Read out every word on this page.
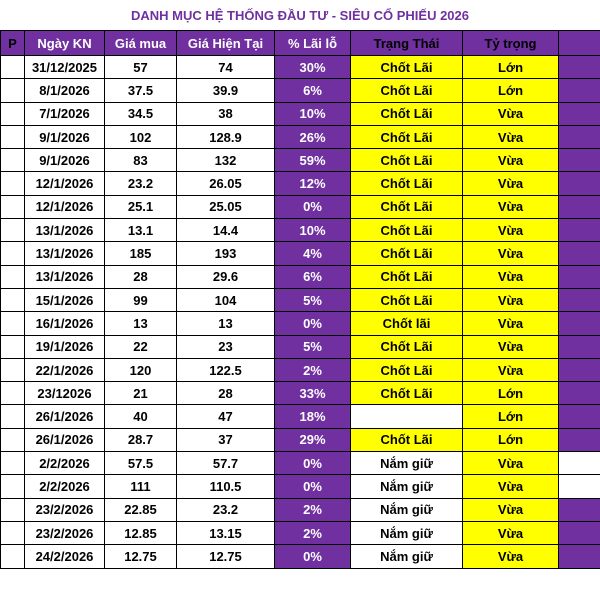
DANH MỤC HỆ THỐNG ĐẦU TƯ - SIÊU CỔ PHIẾU 2026
P	Ngày KN	Giá mua	Giá Hiện Tại	% Lãi lỗ	Trạng Thái	Tỷ trọng	
	31/12/2025	57	74	30%	Chốt Lãi	Lớn	
	8/1/2026	37.5	39.9	6%	Chốt Lãi	Lớn	
	7/1/2026	34.5	38	10%	Chốt Lãi	Vừa	
	9/1/2026	102	128.9	26%	Chốt Lãi	Vừa	
	9/1/2026	83	132	59%	Chốt Lãi	Vừa	
	12/1/2026	23.2	26.05	12%	Chốt Lãi	Vừa	
	12/1/2026	25.1	25.05	0%	Chốt Lãi	Vừa	
	13/1/2026	13.1	14.4	10%	Chốt Lãi	Vừa	
	13/1/2026	185	193	4%	Chốt Lãi	Vừa	
	13/1/2026	28	29.6	6%	Chốt Lãi	Vừa	
	15/1/2026	99	104	5%	Chốt Lãi	Vừa	
	16/1/2026	13	13	0%	Chốt lãi	Vừa	
	19/1/2026	22	23	5%	Chốt Lãi	Vừa	
	22/1/2026	120	122.5	2%	Chốt Lãi	Vừa	
	23/12026	21	28	33%	Chốt Lãi	Lớn	
	26/1/2026	40	47	18%		Lớn	
	26/1/2026	28.7	37	29%	Chốt Lãi	Lớn	
	2/2/2026	57.5	57.7	0%	Nắm giữ	Vừa	
	2/2/2026	111	110.5	0%	Nắm giữ	Vừa	
	23/2/2026	22.85	23.2	2%	Nắm giữ	Vừa	
	23/2/2026	12.85	13.15	2%	Nắm giữ	Vừa	
	24/2/2026	12.75	12.75	0%	Nắm giữ	Vừa	
